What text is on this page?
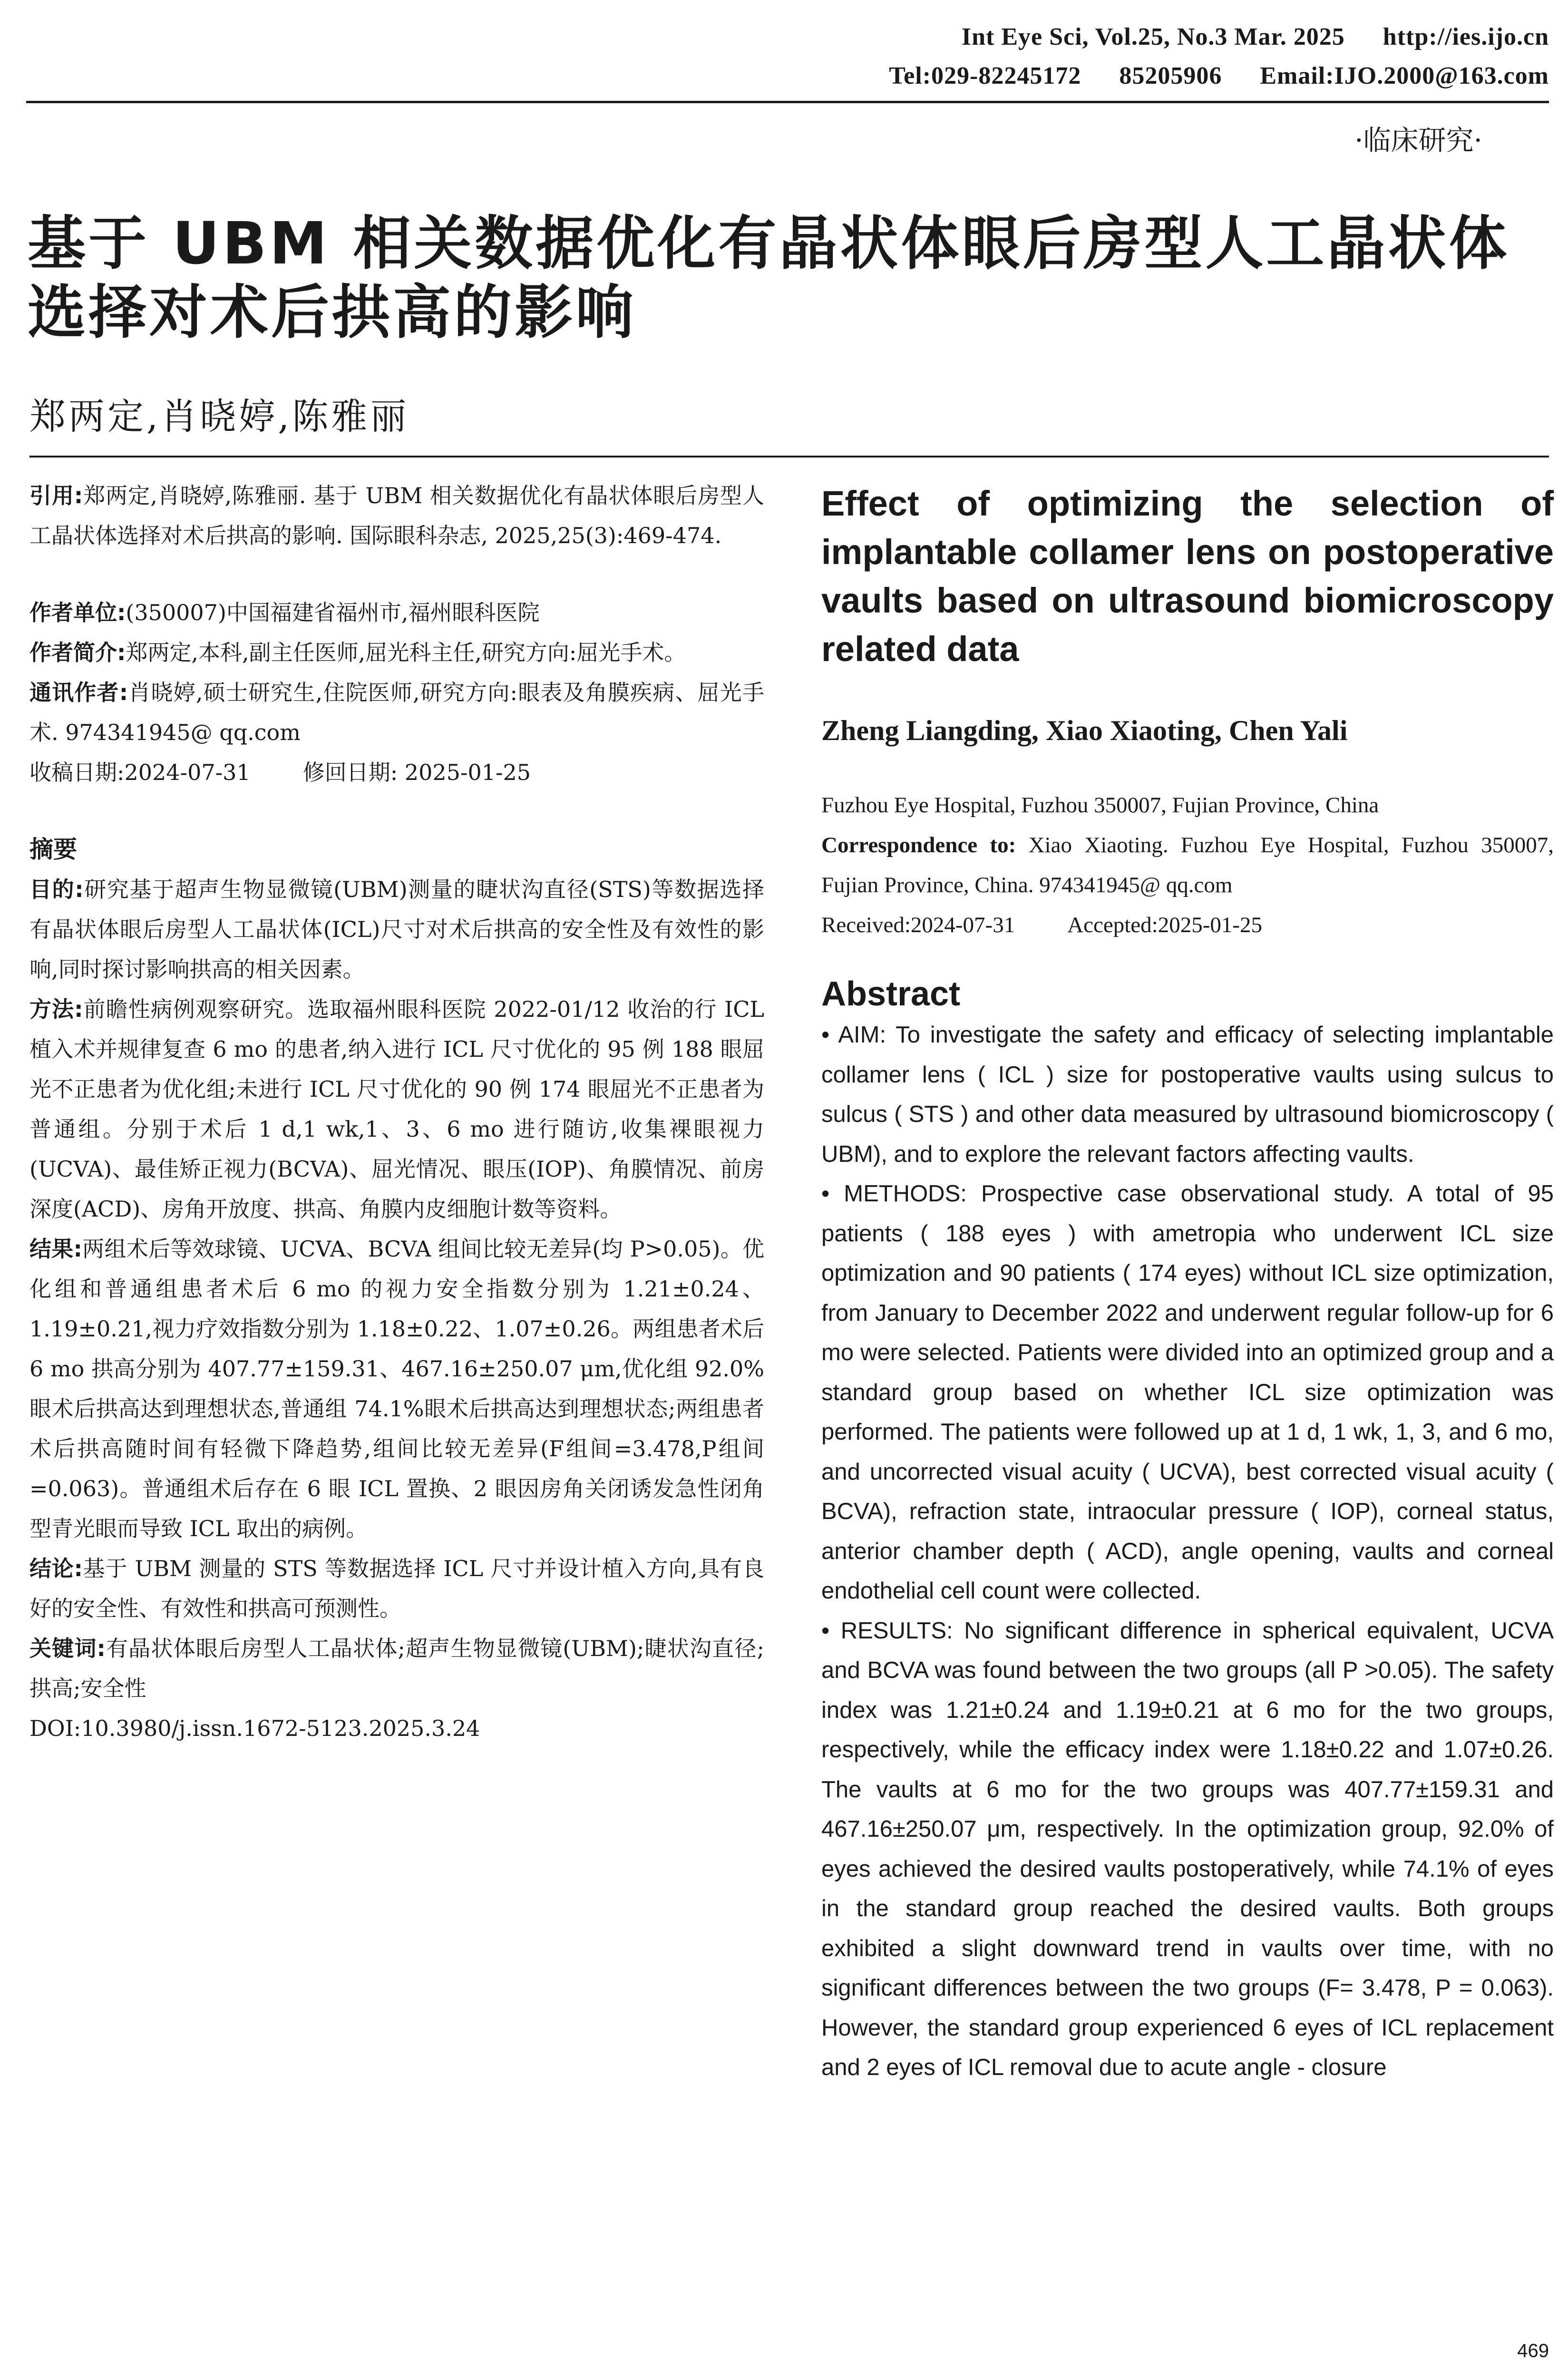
Int Eye Sci, Vol.25, No.3 Mar. 2025 http://ies.ijo.cn
Tel:029-82245172 85205906 Email:IJO.2000@163.com
·临床研究·
基于 UBM 相关数据优化有晶状体眼后房型人工晶状体选择对术后拱高的影响
郑两定,肖晓婷,陈雅丽

引用:郑两定,肖晓婷,陈雅丽. 基于 UBM 相关数据优化有晶状体眼后房型人工晶状体选择对术后拱高的影响. 国际眼科杂志, 2025,25(3):469-474.

作者单位:(350007)中国福建省福州市,福州眼科医院

作者简介:郑两定,本科,副主任医师,屈光科主任,研究方向:屈光手术。

通讯作者:肖晓婷,硕士研究生,住院医师,研究方向:眼表及角膜疾病、屈光手术. 974341945@ qq.com

收稿日期:2024-07-31 修回日期: 2025-01-25

摘要

目的:研究基于超声生物显微镜(UBM)测量的睫状沟直径(STS)等数据选择有晶状体眼后房型人工晶状体(ICL)尺寸对术后拱高的安全性及有效性的影响,同时探讨影响拱高的相关因素。

方法:前瞻性病例观察研究。选取福州眼科医院 2022-01/12 收治的行 ICL 植入术并规律复查 6 mo 的患者,纳入进行 ICL 尺寸优化的 95 例 188 眼屈光不正患者为优化组;未进行 ICL 尺寸优化的 90 例 174 眼屈光不正患者为普通组。分别于术后 1 d,1 wk,1、3、6 mo 进行随访,收集裸眼视力(UCVA)、最佳矫正视力(BCVA)、屈光情况、眼压(IOP)、角膜情况、前房深度(ACD)、房角开放度、拱高、角膜内皮细胞计数等资料。

结果:两组术后等效球镜、UCVA、BCVA 组间比较无差异(均 P>0.05)。优化组和普通组患者术后 6 mo 的视力安全指数分别为 1.21±0.24、1.19±0.21,视力疗效指数分别为 1.18±0.22、1.07±0.26。两组患者术后 6 mo 拱高分别为 407.77±159.31、467.16±250.07 μm,优化组 92.0%眼术后拱高达到理想状态,普通组 74.1%眼术后拱高达到理想状态;两组患者术后拱高随时间有轻微下降趋势,组间比较无差异(F组间=3.478,P组间=0.063)。普通组术后存在 6 眼 ICL 置换、2 眼因房角关闭诱发急性闭角型青光眼而导致 ICL 取出的病例。

结论:基于 UBM 测量的 STS 等数据选择 ICL 尺寸并设计植入方向,具有良好的安全性、有效性和拱高可预测性。

关键词:有晶状体眼后房型人工晶状体;超声生物显微镜(UBM);睫状沟直径;拱高;安全性

DOI:10.3980/j.issn.1672-5123.2025.3.24

Effect of optimizing the selection of implantable collamer lens on postoperative vaults based on ultrasound biomicroscopy related data
Zheng Liangding, Xiao Xiaoting, Chen Yali
Fuzhou Eye Hospital, Fuzhou 350007, Fujian Province, China
Correspondence to: Xiao Xiaoting. Fuzhou Eye Hospital, Fuzhou 350007, Fujian Province, China. 974341945@ qq.com
Received:2024-07-31 Accepted:2025-01-25
Abstract

• AIM: To investigate the safety and efficacy of selecting implantable collamer lens ( ICL ) size for postoperative vaults using sulcus to sulcus ( STS ) and other data measured by ultrasound biomicroscopy ( UBM), and to explore the relevant factors affecting vaults.

• METHODS: Prospective case observational study. A total of 95 patients ( 188 eyes ) with ametropia who underwent ICL size optimization and 90 patients ( 174 eyes) without ICL size optimization, from January to December 2022 and underwent regular follow-up for 6 mo were selected. Patients were divided into an optimized group and a standard group based on whether ICL size optimization was performed. The patients were followed up at 1 d, 1 wk, 1, 3, and 6 mo, and uncorrected visual acuity ( UCVA), best corrected visual acuity ( BCVA), refraction state, intraocular pressure ( IOP), corneal status, anterior chamber depth ( ACD), angle opening, vaults and corneal endothelial cell count were collected.

• RESULTS: No significant difference in spherical equivalent, UCVA and BCVA was found between the two groups (all P >0.05). The safety index was 1.21±0.24 and 1.19±0.21 at 6 mo for the two groups, respectively, while the efficacy index were 1.18±0.22 and 1.07±0.26. The vaults at 6 mo for the two groups was 407.77±159.31 and 467.16±250.07 μm, respectively. In the optimization group, 92.0% of eyes achieved the desired vaults postoperatively, while 74.1% of eyes in the standard group reached the desired vaults. Both groups exhibited a slight downward trend in vaults over time, with no significant differences between the two groups (F= 3.478, P = 0.063). However, the standard group experienced 6 eyes of ICL replacement and 2 eyes of ICL removal due to acute angle - closure

469
